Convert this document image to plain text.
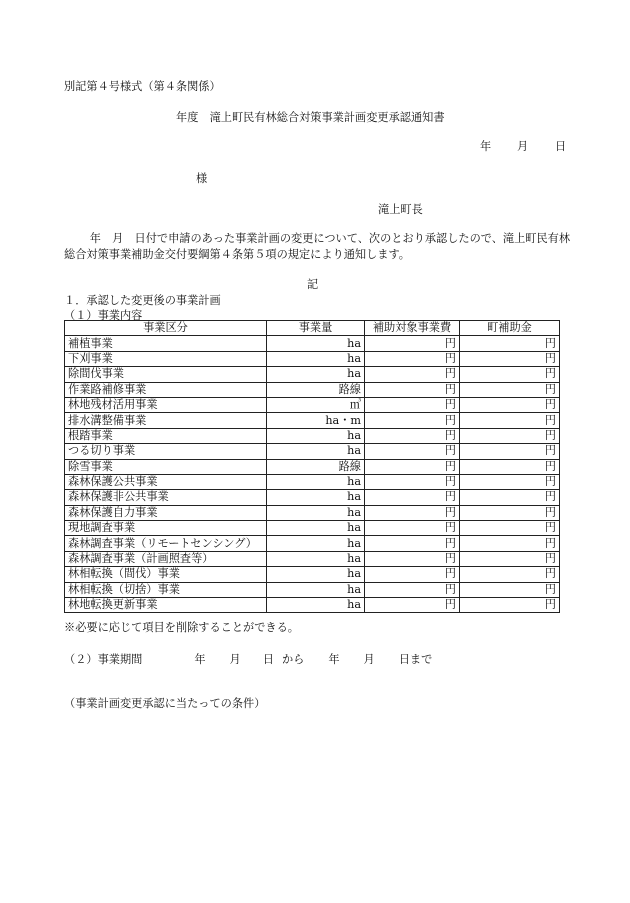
別記第４号様式（第４条関係）
年度　滝上町民有林総合対策事業計画変更承認通知書
年 月 日
様
滝上町長
年　月　日付で申請のあった事業計画の変更について、次のとおり承認したので、滝上町民有林総合対策事業補助金交付要綱第４条第５項の規定により通知します。
記
１．承認した変更後の事業計画
（１）事業内容
事業区分	事業量	補助対象事業費	町補助金
補植事業	ha	円	円
下刈事業	ha	円	円
除間伐事業	ha	円	円
作業路補修事業	路線	円	円
林地残材活用事業	㎥	円	円
排水溝整備事業	ha・m	円	円
根踏事業	ha	円	円
つる切り事業	ha	円	円
除雪事業	路線	円	円
森林保護公共事業	ha	円	円
森林保護非公共事業	ha	円	円
森林保護自力事業	ha	円	円
現地調査事業	ha	円	円
森林調査事業（リモートセンシング）	ha	円	円
森林調査事業（計画照査等）	ha	円	円
林相転換（間伐）事業	ha	円	円
林相転換（切捨）事業	ha	円	円
林地転換更新事業	ha	円	円
※必要に応じて項目を削除することができる。
（２）事業期間	年 月 日 から 年 月 日まで
（事業計画変更承認に当たっての条件）
